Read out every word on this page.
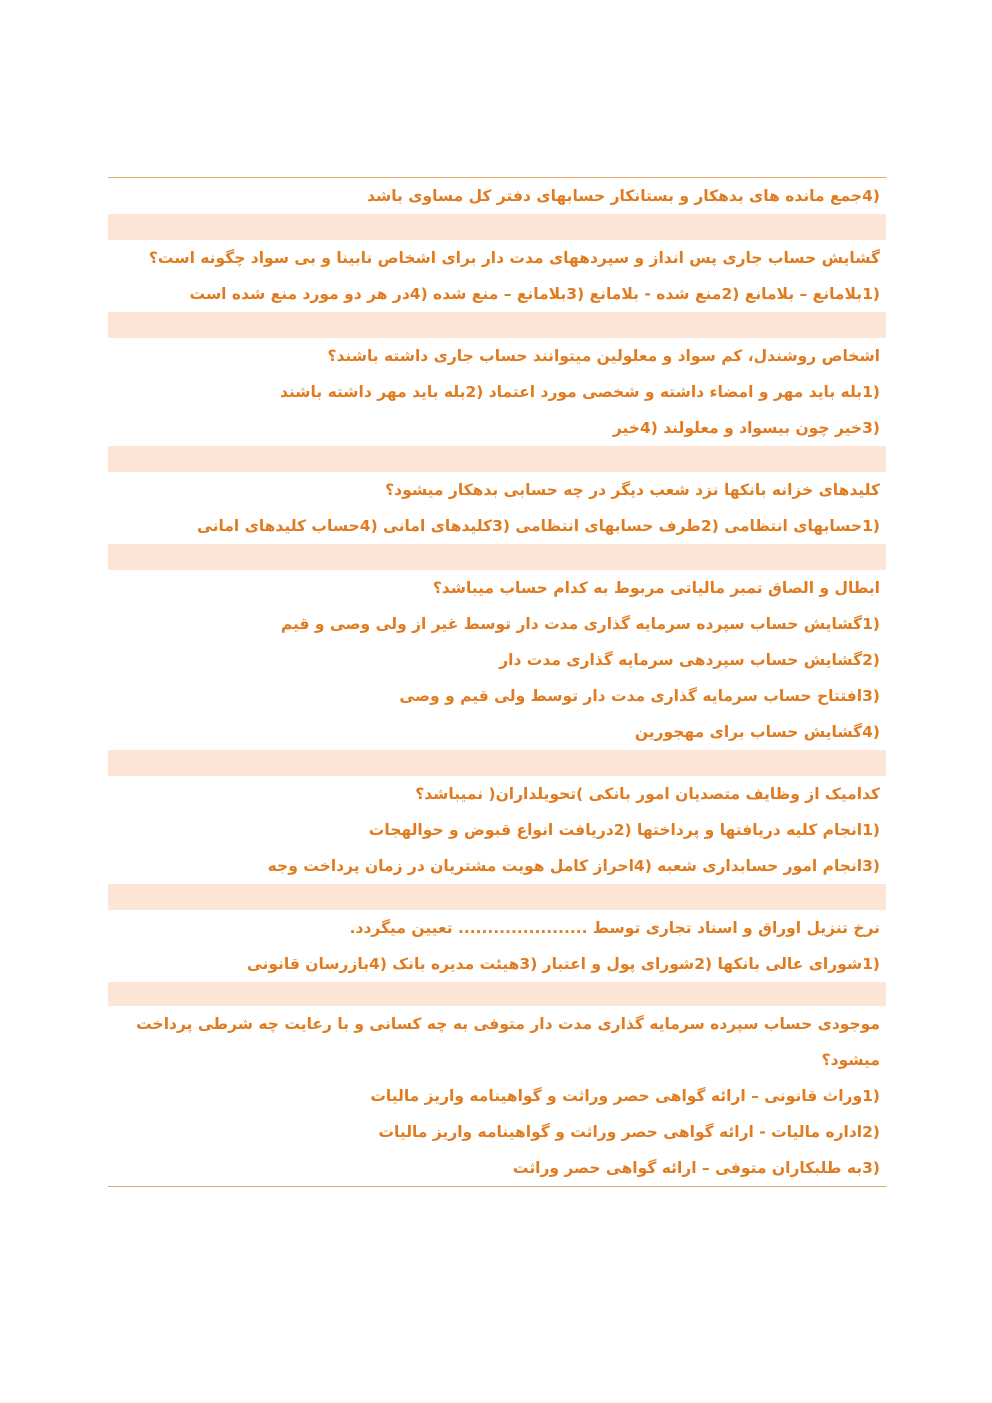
(4جمع مانده های بدهکار و بستانکار حسابهای دفتر کل مساوی باشد
گشایش حساب جاری پس انداز و سپردههای مدت دار برای اشخاص نابینا و بی سواد چگونه است؟
(1بلامانع – بلامانع (2منع شده - بلامانع (3بلامانع – منع شده (4در هر دو مورد منع شده است
اشخاص روشندل، کم سواد و معلولین میتوانند حساب جاری داشته باشند؟
(1بله باید مهر و امضاء داشته و شخصی مورد اعتماد (2بله باید مهر داشته باشند
(3خیر چون بیسواد و معلولند (4خیر
کلیدهای خزانه بانکها نزد شعب دیگر در چه حسابی بدهکار میشود؟
(1حسابهای انتظامی (2طرف حسابهای انتظامی (3کلیدهای امانی (4حساب کلیدهای امانی
ابطال و الصاق تمبر مالیاتی مربوط به کدام حساب میباشد؟
(1گشایش حساب سپرده سرمایه گذاری مدت دار توسط غیر از ولی وصی و قیم
(2گشایش حساب سپردهی سرمایه گذاری مدت دار
(3افتتاح حساب سرمایه گذاری مدت دار توسط ولی قیم و وصی
(4گشایش حساب برای مهجورین
کدامیک از وظایف متصدیان امور بانکی )تحویلداران( نمیباشد؟
(1انجام کلیه دریافتها و پرداختها (2دریافت انواع قبوض و حوالهجات
(3انجام امور حسابداری شعبه (4احراز کامل هویت مشتریان در زمان پرداخت وجه
نرخ تنزیل اوراق و اسناد تجاری توسط ...................... تعیین میگردد.
(1شورای عالی بانکها (2شورای پول و اعتبار (3هیئت مدیره بانک (4بازرسان قانونی
موجودی حساب سپرده سرمایه گذاری مدت دار متوفی به چه کسانی و با رعایت چه شرطی پرداخت میشود؟
(1وراث قانونی – ارائه گواهی حصر وراثت و گواهینامه واریز مالیات
(2اداره مالیات - ارائه گواهی حصر وراثت و گواهینامه واریز مالیات
(3به طلبکاران متوفی – ارائه گواهی حصر وراثت
